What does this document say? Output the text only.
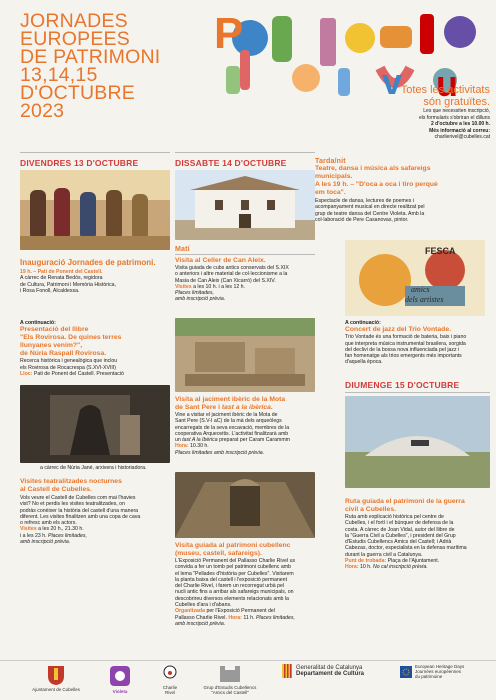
JORNADES
EUROPEES
DE PATRIMONI
13,14,15
D'OCTUBRE
2023
P
v u
Totes les activitats són gratuïtes.
Les que necessiten inscripció,
els formularis s'obriran el dilluns
2 d'octubre a les 10.00 h.
Més informació al correu:
charlierivel@cubelles.cat
DIVENDRES 13 D'OCTUBRE	DISSABTE 14 D'OCTUBRE
Inauguració Jornades de patrimoni.
19 h. – Pati de Ponent del Castell.
A càrrec de Renata Bedós, regidora
de Cultura, Patrimoni i Memòria Històrica,
i Rosa Fonoll, Alcaldessa.
A continuació:
Presentació del llibre
"Els Rovirosa. De quines terres
llunyanes venim?",
de Núria Raspall Rovirosa.
Recerca històrica i genealògica que inclou
els Rovirosa de Rocacrespa (S.XVI-XVIII)
Lloc: Pati de Ponent del Castell. Presentació
a càrrec de Núria Jané, arxivera i historiadora.
Visites teatralitzades nocturnes
al Castell de Cubelles.
Vols veure el Castell de Cubelles com mai l'havies
vist? No et perdis les visites teatralitzades, on
podràs conèixer la història del castell d'una manera
diferent. Les visites finalitzen amb una copa de cava
o refresc amb els actors.
Visites a les 20 h., 21.30 h.
i a les 23 h. Places limitades,
amb inscripció prèvia.
Matí
Visita al Celler de Can Aleix.
Visita guiada de cubs antics conservats del S.XIX
o anteriors i altre material de col·leccionisme a la
Masia de Can Aleix (Can Xicarró) del S.XIV.
Visites a les 10 h. i a les 12 h.
Places limitades,
amb inscripció prèvia.
Visita al jaciment ibèric de la Mota
de Sant Pere i tast a la ibèrica.
Vine a visitar el jaciment ibèric de la Mota de
Sant Pere (S.V-I aC) de la mà dels arqueòlegs
encarregats de la seva excavació, membres de la
cooperativa Arqueovitis. L'activitat finalitzarà amb
un tast A la Ibèrica preparat per Caram Carammm
Hora: 10.30 h.
Places limitades amb inscripció prèvia.
Visita guiada al patrimoni cubellenc
(museu, castell, safareigs).
L'Exposició Permanent del Pallasso Charlie Rivel us
convida a fer un tomb pel patrimoni cubellenc amb
el lema "Pellades d'història per Cubelles". Visitarem
la planta baixa del castell i l'exposició permanent
del Charlie Rivel, i farem un recorregut urbà pel
nucli antic fins a arribar als safareigs municipals, on
descobrireu diversos elements relacionats amb la
Cubelles d'ara i d'abans.
Organitzada per l'Exposició Permanent del
Pallasso Charlie Rivel. Hora: 11 h. Places limitades,
amb inscripció prèvia.
Tarda/nit
Teatre, dansa i música als safareigs
municipals.
A les 19 h. – "D'oca a oca i tiro perquè
em toca".
Espectacle de dansa, lectures de poemes i
acompanyament musical en directe realitzat pel
grup de teatre dansa del Centre Violeta. Amb la
col·laboració de Pere Casanovas, pintor.
FESCA
amics
dels artistes
A continuació:
Concert de jazz del Trio Vontade.
Trio Vontade és una formació de bateria, baix i piano
que interpreta música instrumental brasilera, sorgida
del declivi de la bossa nova influenciada pel jazz i
fan homenatge als trios emergents més importants
d'aquella època.
DIUMENGE 15 D'OCTUBRE
Ruta guiada el patrimoni de la guerra
civil a Cubelles.
Ruta amb explicació històrica pel centre de
Cubelles, i el fortí i el búnquer de defensa de la
costa. A càrrec de Joan Vidal, autor del llibre de
la "Guerra Civil a Cubelles", i president del Grup
d'Estudis Cubellencs Amics del Castell; i Adrià
Cabezas, doctor, especialista en la defensa marítima
durant la guerra civil a Catalunya.
Punt de trobada: Plaça de l'Ajuntament.
Hora: 10 h. No cal inscripció prèvia.
Ajuntament de Cubelles	Violeta
Charlie
Rivel
Grup d'Estudis Cubellencs
"Amics del Castell"
Generalitat de Catalunya
Departament de Cultura
European Heritage Days
Journées européennes
du patrimoine
